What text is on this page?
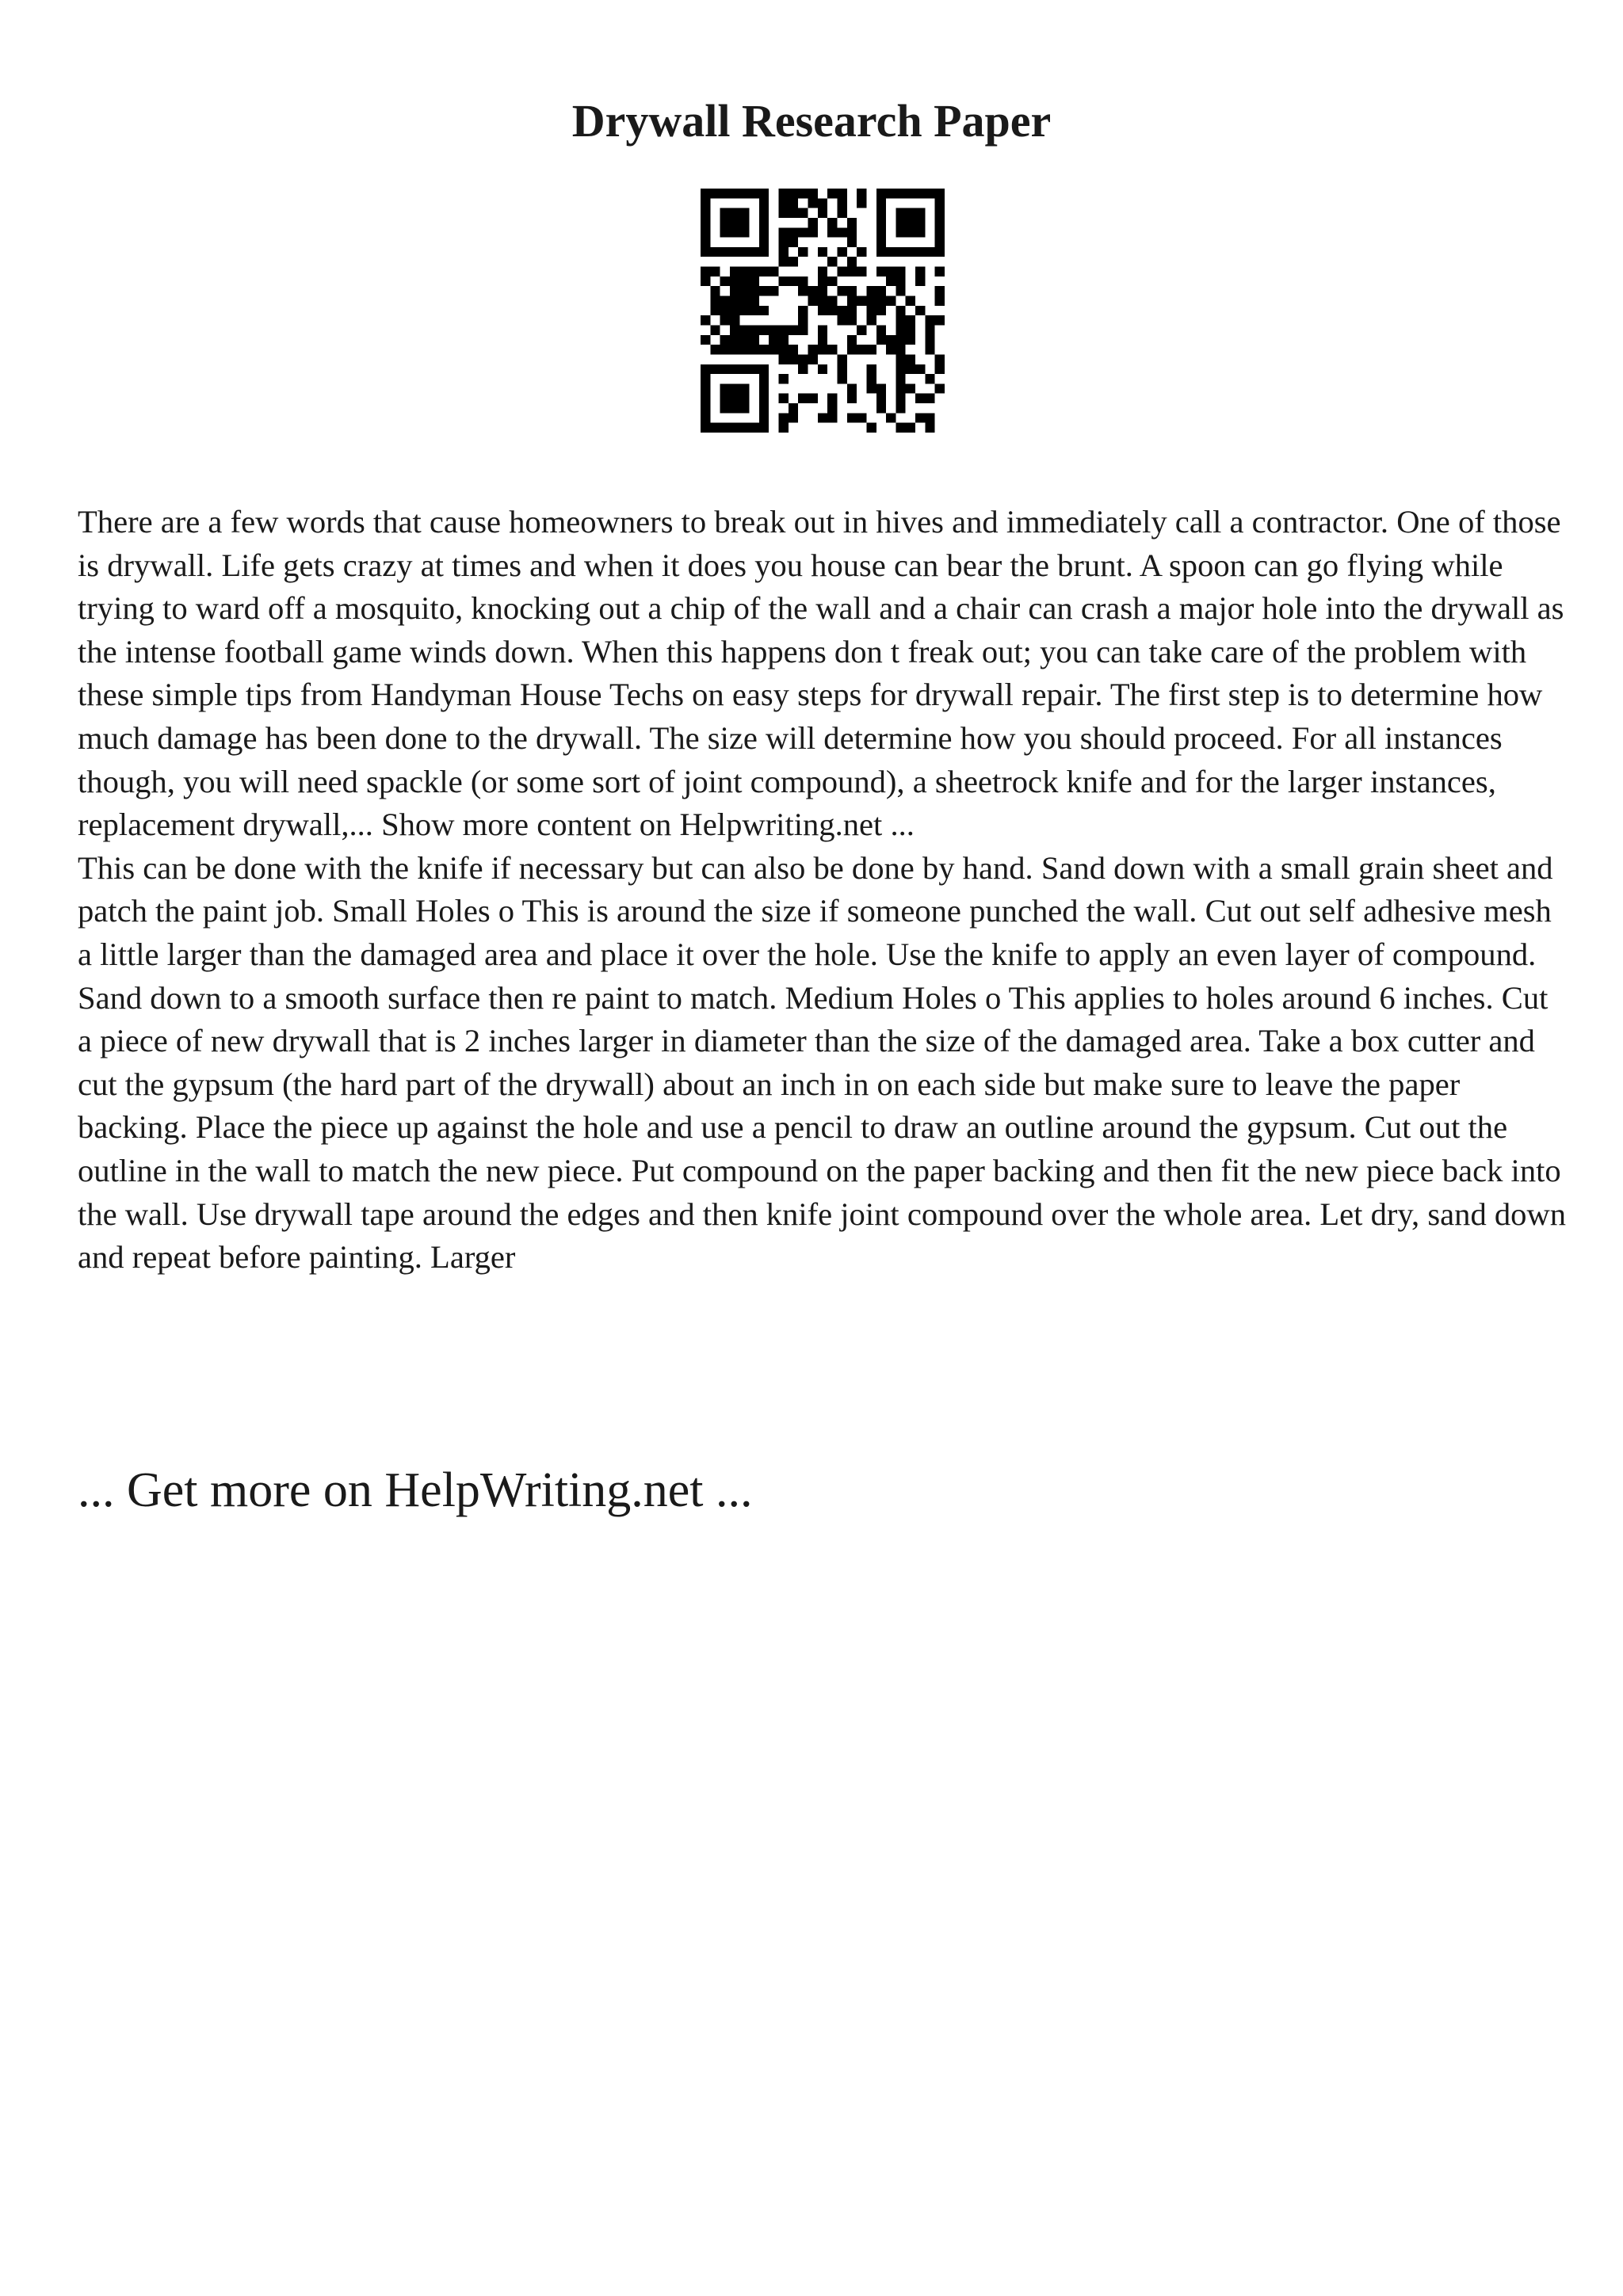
Drywall Research Paper

There are a few words that cause homeowners to break out in hives and immediately call a contractor. One of those is drywall. Life gets crazy at times and when it does you house can bear the brunt. A spoon can go flying while trying to ward off a mosquito, knocking out a chip of the wall and a chair can crash a major hole into the drywall as the intense football game winds down. When this happens don t freak out; you can take care of the problem with these simple tips from Handyman House Techs on easy steps for drywall repair. The first step is to determine how much damage has been done to the drywall. The size will determine how you should proceed. For all instances though, you will need spackle (or some sort of joint compound), a sheetrock knife and for the larger instances, replacement drywall,... Show more content on Helpwriting.net ...

This can be done with the knife if necessary but can also be done by hand. Sand down with a small grain sheet and patch the paint job. Small Holes o This is around the size if someone punched the wall. Cut out self adhesive mesh a little larger than the damaged area and place it over the hole. Use the knife to apply an even layer of compound. Sand down to a smooth surface then re paint to match. Medium Holes o This applies to holes around 6 inches. Cut a piece of new drywall that is 2 inches larger in diameter than the size of the damaged area. Take a box cutter and cut the gypsum (the hard part of the drywall) about an inch in on each side but make sure to leave the paper backing. Place the piece up against the hole and use a pencil to draw an outline around the gypsum. Cut out the outline in the wall to match the new piece. Put compound on the paper backing and then fit the new piece back into the wall. Use drywall tape around the edges and then knife joint compound over the whole area. Let dry, sand down and repeat before painting. Larger

... Get more on HelpWriting.net ...
